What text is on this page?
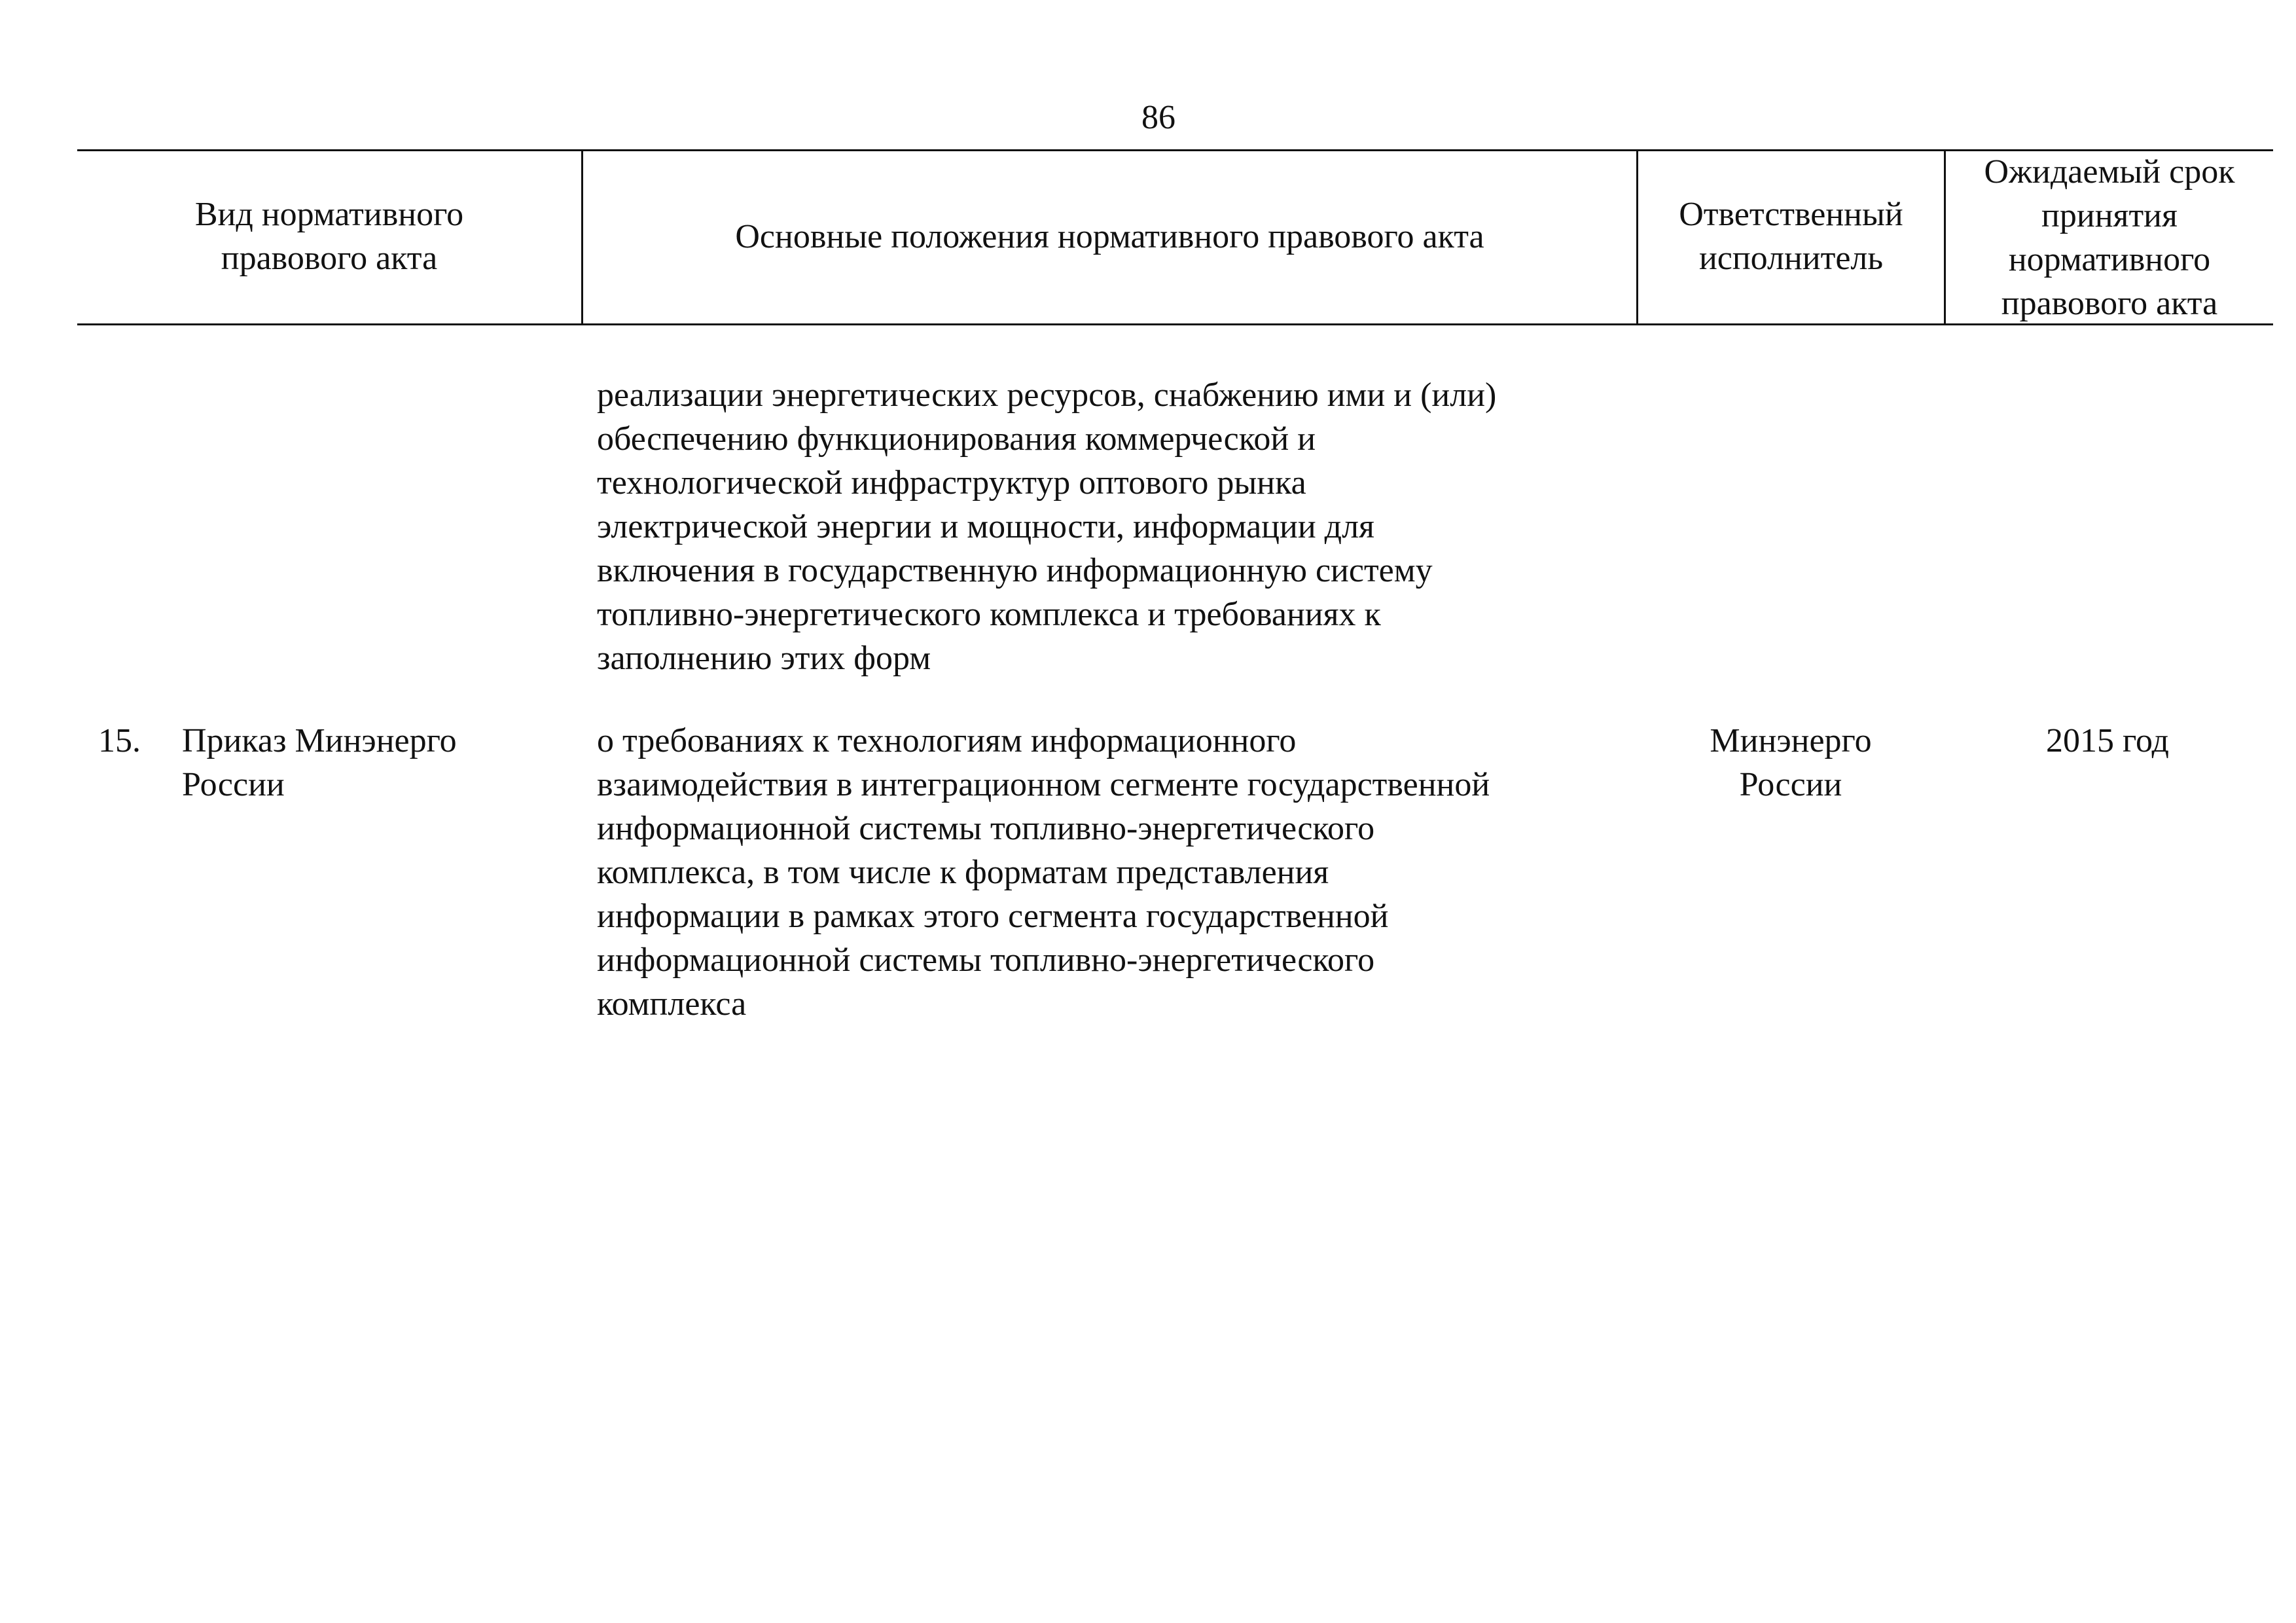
86
Вид нормативного
правового акта
Основные положения нормативного правового акта
Ответственный
исполнитель
Ожидаемый срок
принятия
нормативного
правового акта
реализации энергетических ресурсов, снабжению ими и (или)
обеспечению функционирования коммерческой и
технологической инфраструктур оптового рынка
электрической энергии и мощности, информации для
включения в государственную информационную систему
топливно-энергетического комплекса и требованиях к
заполнению этих форм
15.	Приказ Минэнерго
России
о требованиях к технологиям информационного
взаимодействия в интеграционном сегменте государственной
информационной системы топливно-энергетического
комплекса, в том числе к форматам представления
информации в рамках этого сегмента государственной
информационной системы топливно-энергетического
комплекса
Минэнерго
России
2015 год
